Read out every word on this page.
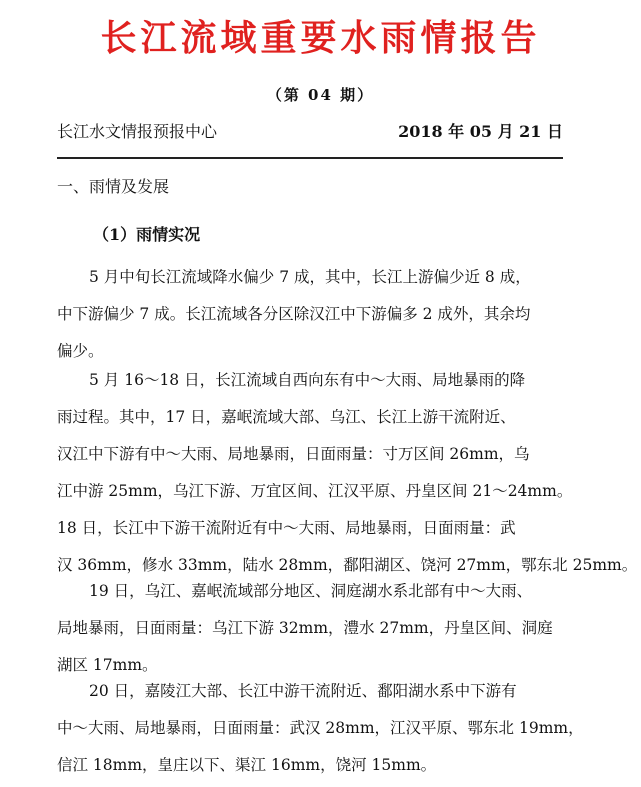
长江流域重要水雨情报告
（第 04 期）
长江水文情报预报中心	2018 年 05 月 21 日
一、雨情及发展
（1）雨情实况

5 月中旬长江流域降水偏少 7 成，其中，长江上游偏少近 8 成，
中下游偏少 7 成。长江流域各分区除汉江中下游偏多 2 成外，其余均
偏少。

5 月 16～18 日，长江流域自西向东有中～大雨、局地暴雨的降
雨过程。其中，17 日，嘉岷流域大部、乌江、长江上游干流附近、
汉江中下游有中～大雨、局地暴雨，日面雨量：寸万区间 26mm，乌
江中游 25mm，乌江下游、万宜区间、江汉平原、丹皇区间 21～24mm。
18 日，长江中下游干流附近有中～大雨、局地暴雨，日面雨量：武
汉 36mm，修水 33mm，陆水 28mm，鄱阳湖区、饶河 27mm，鄂东北 25mm。

19 日，乌江、嘉岷流域部分地区、洞庭湖水系北部有中～大雨、
局地暴雨，日面雨量：乌江下游 32mm，澧水 27mm，丹皇区间、洞庭
湖区 17mm。

20 日，嘉陵江大部、长江中游干流附近、鄱阳湖水系中下游有
中～大雨、局地暴雨，日面雨量：武汉 28mm，江汉平原、鄂东北 19mm，
信江 18mm，皇庄以下、渠江 16mm，饶河 15mm。
